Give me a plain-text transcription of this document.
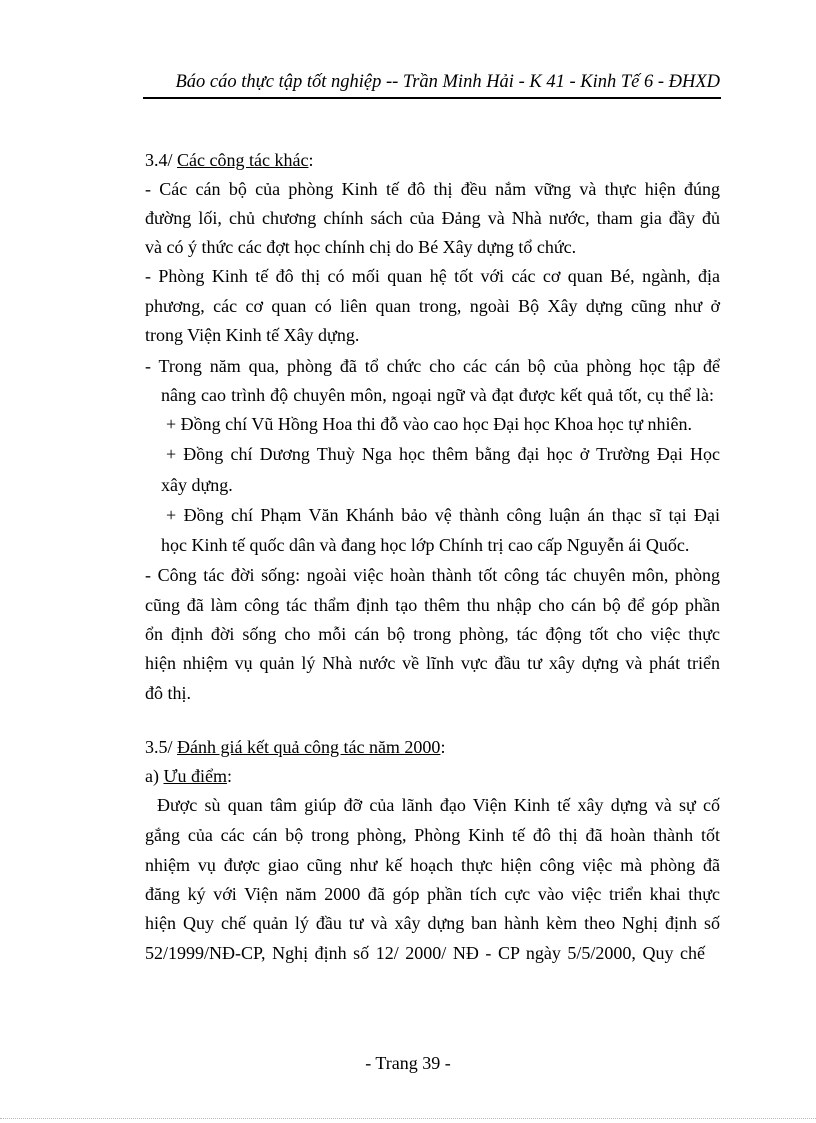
Báo cáo thực tập tốt nghiệp -- Trần Minh Hải - K 41 - Kinh Tế 6 - ĐHXD
3.4/ Các công tác khác:
- Các cán bộ của phòng Kinh tế đô thị đều nắm vững và thực hiện đúng
đường lối, chủ chương chính sách của Đảng và Nhà nước, tham gia đầy đủ
và có ý thức các đợt học chính chị do Bé Xây dựng tổ chức.
- Phòng Kinh tế đô thị có mối quan hệ tốt với các cơ quan Bé, ngành, địa
phương, các cơ quan có liên quan trong, ngoài Bộ Xây dựng cũng như ở
trong Viện Kinh tế Xây dựng.
- Trong năm qua, phòng đã tổ chức cho các cán bộ của phòng học tập để
nâng cao trình độ chuyên môn, ngoại ngữ và đạt được kết quả tốt, cụ thể là:
+ Đồng chí Vũ Hồng Hoa thi đỗ vào cao học Đại học Khoa học tự nhiên.
+ Đồng chí Dương Thuỳ Nga học thêm bằng đại học ở Trường Đại Học
xây dựng.
+ Đồng chí Phạm Văn Khánh bảo vệ thành công luận án thạc sĩ tại Đại
học Kinh tế quốc dân và đang học lớp Chính trị cao cấp Nguyễn ái Quốc.
- Công tác đời sống: ngoài việc hoàn thành tốt công tác chuyên môn, phòng
cũng đã làm công tác thẩm định tạo thêm thu nhập cho cán bộ để góp phần
ổn định đời sống cho mỗi cán bộ trong phòng, tác động tốt cho việc thực
hiện nhiệm vụ quản lý Nhà nước về lĩnh vực đầu tư xây dựng và phát triển
đô thị.
3.5/ Đánh giá kết quả công tác năm 2000:
a) Ưu điểm:
Được sù quan tâm giúp đỡ của lãnh đạo Viện Kinh tế xây dựng và sự cố
gắng của các cán bộ trong phòng, Phòng Kinh tế đô thị đã hoàn thành tốt
nhiệm vụ được giao cũng như kế hoạch thực hiện công việc mà phòng đã
đăng ký với Viện năm 2000 đã góp phần tích cực vào việc triển khai thực
hiện Quy chế quản lý đầu tư và xây dựng ban hành kèm theo Nghị định số
52/1999/NĐ-CP, Nghị định số 12/ 2000/ NĐ - CP ngày 5/5/2000, Quy chế
- Trang 39 -
